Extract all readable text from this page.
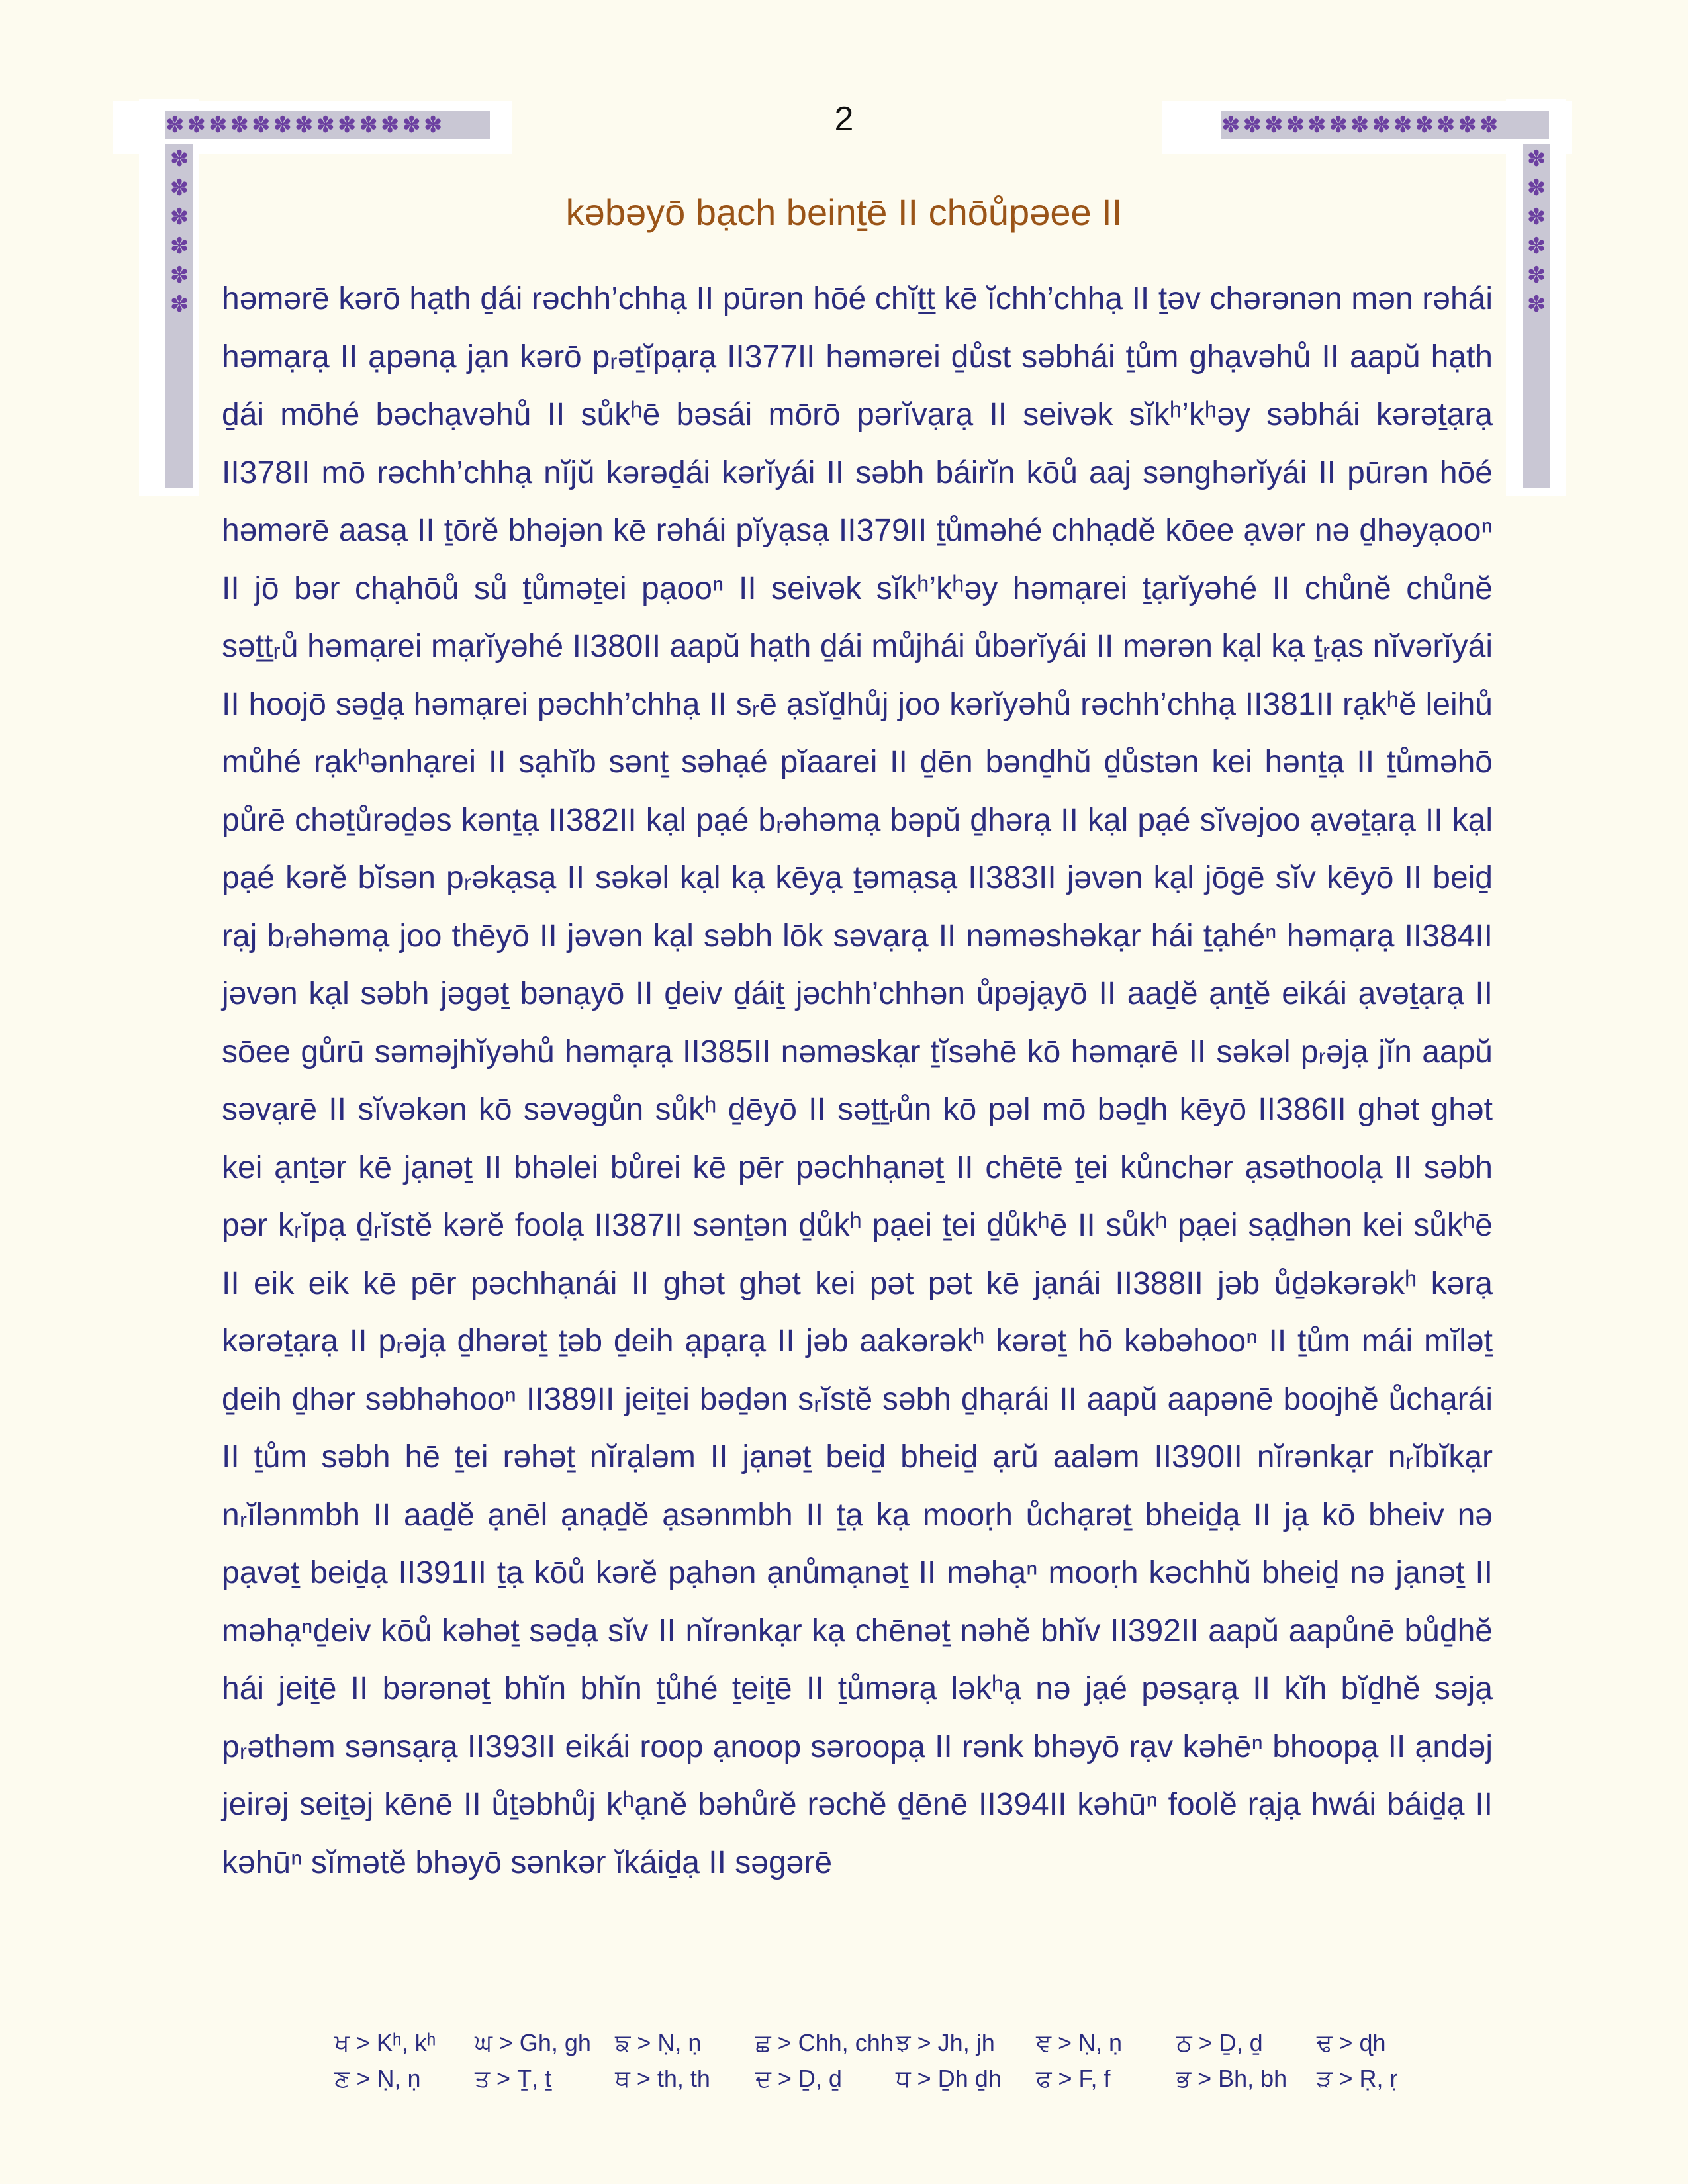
✽✽✽✽✽✽✽✽✽✽✽✽✽	✽✽✽✽✽✽✽✽✽✽✽✽✽
✽✽✽✽✽✽
✽✽✽✽✽✽
2
kəbəyō bạch beinṯē II chōůpəee II
həmərē kərō hạth ḏái rəchh’chhạ II pūrən hōé chĭṯṯ kē ĭchh’chhạ II ṯəv chərənən mən rəhái həmạrạ II ạpənạ jạn kərō pᵣəṯĭpạrạ II377II həmərei ḏůst səbhái ṯům ghạvəhů II aapŭ hạth ḏái mōhé bəchạvəhů II sůkʰē bəsái mōrō pərĭvạrạ II seivək sĭkʰ’kʰəy səbhái kərəṯạrạ II378II mō rəchh’chhạ nĭjŭ kərəḏái kərĭyái II səbh báirĭn kōů aaj sənghərĭyái II pūrən hōé həmərē aasạ II ṯōrĕ bhəjən kē rəhái pĭyạsạ II379II ṯůməhé chhạdĕ kōee ạvər nə ḏhəyạooⁿ II jō bər chạhōů sů ṯůməṯei pạooⁿ II seivək sĭkʰ’kʰəy həmạrei ṯạrĭyəhé II chůnĕ chůnĕ səṯṯᵣů həmạrei mạrĭyəhé II380II aapŭ hạth ḏái můjhái ůbərĭyái II mərən kạl kạ ṯᵣạs nĭvərĭyái II hoojō səḏạ həmạrei pəchh’chhạ II sᵣē ạsĭḏhůj joo kərĭyəhů rəchh’chhạ II381II rạkʰĕ leihů můhé rạkʰənhạrei II sạhĭb sənṯ səhạé pĭaarei II ḏēn bənḏhŭ ḏůstən kei hənṯạ II ṯůməhō půrē chəṯůrəḏəs kənṯạ II382II kạl pạé bᵣəhəmạ bəpŭ ḏhərạ II kạl pạé sĭvəjoo ạvəṯạrạ II kạl pạé kərĕ bĭsən pᵣəkạsạ II səkəl kạl kạ kēyạ ṯəmạsạ II383II jəvən kạl jōgē sĭv kēyō II beiḏ rạj bᵣəhəmạ joo thēyō II jəvən kạl səbh lōk səvạrạ II nəməshəkạr hái ṯạhéⁿ həmạrạ II384II jəvən kạl səbh jəgəṯ bənạyō II ḏeiv ḏáiṯ jəchh’chhən ůpəjạyō II aaḏĕ ạnṯĕ eikái ạvəṯạrạ II sōee gůrū səməjhĭyəhů həmạrạ II385II nəməskạr ṯĭsəhē kō həmạrē II səkəl pᵣəjạ jĭn aapŭ səvạrē II sĭvəkən kō səvəgůn sůkʰ ḏēyō II səṯṯᵣůn kō pəl mō bəḏh kēyō II386II ghət ghət kei ạnṯər kē jạnəṯ II bhəlei bůrei kē pēr pəchhạnəṯ II chētē ṯei kůnchər ạsəthoolạ II səbh pər kᵣĭpạ ḏᵣĭstĕ kərĕ foolạ II387II sənṯən ḏůkʰ pạei ṯei ḏůkʰē II sůkʰ pạei sạḏhən kei sůkʰē II eik eik kē pēr pəchhạnái II ghət ghət kei pət pət kē jạnái II388II jəb ůḏəkərəkʰ kərạ kərəṯạrạ II pᵣəjạ ḏhərəṯ ṯəb ḏeih ạpạrạ II jəb aakərəkʰ kərəṯ hō kəbəhooⁿ II ṯům mái mĭləṯ ḏeih ḏhər səbhəhooⁿ II389II jeiṯei bəḏən sᵣĭstĕ səbh ḏhạrái II aapŭ aapənē boojhĕ ůchạrái II ṯům səbh hē ṯei rəhəṯ nĭrạləm II jạnəṯ beiḏ bheiḏ ạrŭ aaləm II390II nĭrənkạr nᵣĭbĭkạr nᵣĭlənmbh II aaḏĕ ạnēl ạnạḏĕ ạsənmbh II ṯạ kạ mooṛh ůchạrəṯ bheiḏạ II jạ kō bheiv nə pạvəṯ beiḏạ II391II ṯạ kōů kərĕ pạhən ạnůmạnəṯ II məhạⁿ mooṛh kəchhŭ bheiḏ nə jạnəṯ II məhạⁿḏeiv kōů kəhəṯ səḏạ sĭv II nĭrənkạr kạ chēnəṯ nəhĕ bhĭv II392II aapŭ aapůnē bůḏhĕ hái jeiṯē II bərənəṯ bhĭn bhĭn ṯůhé ṯeiṯē II ṯůmərạ ləkʰạ nə jạé pəsạrạ II kĭh bĭḏhĕ səjạ pᵣəthəm sənsạrạ II393II eikái roop ạnoop səroopạ II rənk bhəyō rạv kəhēⁿ bhoopạ II ạndəj jeirəj seiṯəj kēnē II ůṯəbhůj kʰạnĕ bəhůrĕ rəchĕ ḏēnē II394II kəhūⁿ foolĕ rạjạ hwái báiḏạ II kəhūⁿ sĭmətĕ bhəyō sənkər ĭkáiḏạ II səgərē
ਖ > Kʰ, kʰ	ਘ > Gh, gh	ਙ > Ṇ, ṇ	ਛ > Chh, chh ਝ > Jh, jh	ਞ > Ṇ, ṇ	ਠ > Ḏ, ḏ	ਢ > ɖh
ਣ > Ṇ, ṇ	ਤ > Ṯ, ṯ	ਥ > th, th	ਦ > Ḏ, ḏ	ਧ > Ḏh ḏh	ਫ > F, f	ਭ > Bh, bh	ੜ > Ṛ, ṛ
